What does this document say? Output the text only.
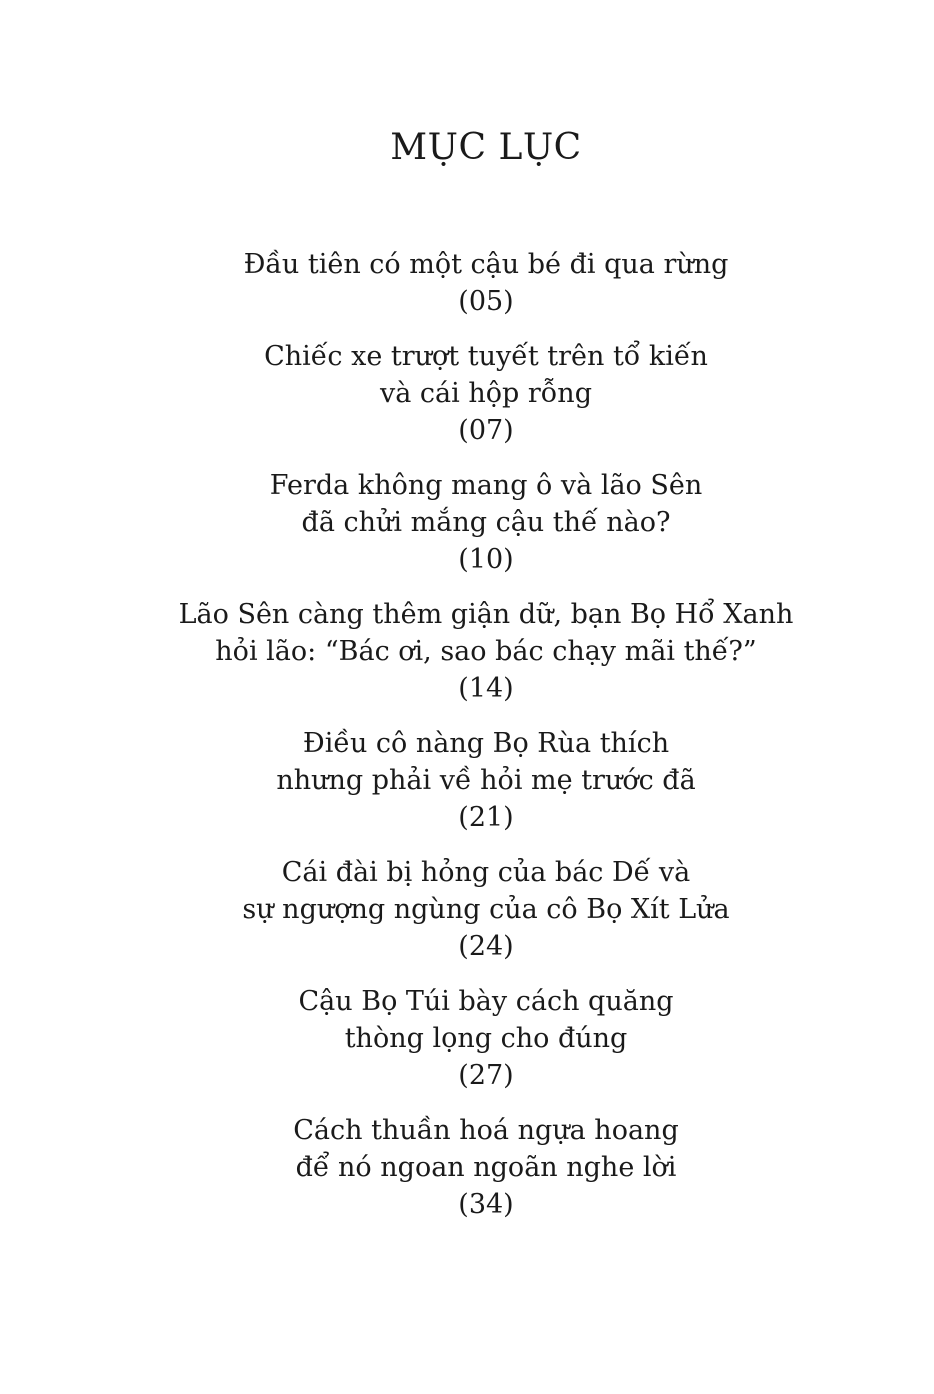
MỤC LỤC
Đầu tiên có một cậu bé đi qua rừng
(05)
Chiếc xe trượt tuyết trên tổ kiến
và cái hộp rỗng
(07)
Ferda không mang ô và lão Sên
đã chửi mắng cậu thế nào?
(10)
Lão Sên càng thêm giận dữ, bạn Bọ Hổ Xanh
hỏi lão: “Bác ơi, sao bác chạy mãi thế?”
(14)
Điều cô nàng Bọ Rùa thích
nhưng phải về hỏi mẹ trước đã
(21)
Cái đài bị hỏng của bác Dế và
sự ngượng ngùng của cô Bọ Xít Lửa
(24)
Cậu Bọ Túi bày cách quăng
thòng lọng cho đúng
(27)
Cách thuần hoá ngựa hoang
để nó ngoan ngoãn nghe lời
(34)
